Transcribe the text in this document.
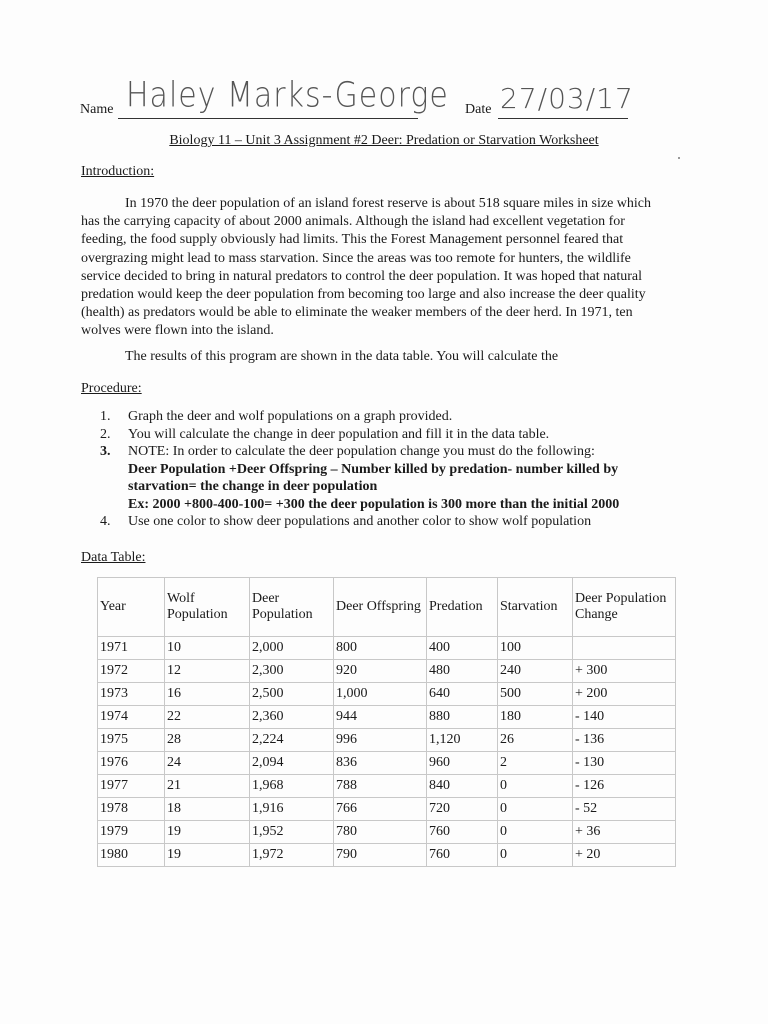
Name Haley Marks-George Date 27/03/17
Biology 11 – Unit 3 Assignment #2 Deer: Predation or Starvation Worksheet
Introduction:
In 1970 the deer population of an island forest reserve is about 518 square miles in size which has the carrying capacity of about 2000 animals. Although the island had excellent vegetation for feeding, the food supply obviously had limits. This the Forest Management personnel feared that overgrazing might lead to mass starvation. Since the areas was too remote for hunters, the wildlife service decided to bring in natural predators to control the deer population. It was hoped that natural predation would keep the deer population from becoming too large and also increase the deer quality (health) as predators would be able to eliminate the weaker members of the deer herd. In 1971, ten wolves were flown into the island.
The results of this program are shown in the data table. You will calculate the
Procedure:
1. Graph the deer and wolf populations on a graph provided.
2. You will calculate the change in deer population and fill it in the data table.
3. NOTE: In order to calculate the deer population change you must do the following:
Deer Population +Deer Offspring – Number killed by predation- number killed by starvation= the change in deer population
Ex: 2000 +800-400-100= +300 the deer population is 300 more than the initial 2000
4. Use one color to show deer populations and another color to show wolf population
Data Table:
Year	Wolf Population	Deer Population	Deer Offspring	Predation	Starvation	Deer Population Change
1971	10	2,000	800	400	100	
1972	12	2,300	920	480	240	+ 300
1973	16	2,500	1,000	640	500	+ 200
1974	22	2,360	944	880	180	- 140
1975	28	2,224	996	1,120	26	- 136
1976	24	2,094	836	960	2	- 130
1977	21	1,968	788	840	0	- 126
1978	18	1,916	766	720	0	- 52
1979	19	1,952	780	760	0	+ 36
1980	19	1,972	790	760	0	+ 20
